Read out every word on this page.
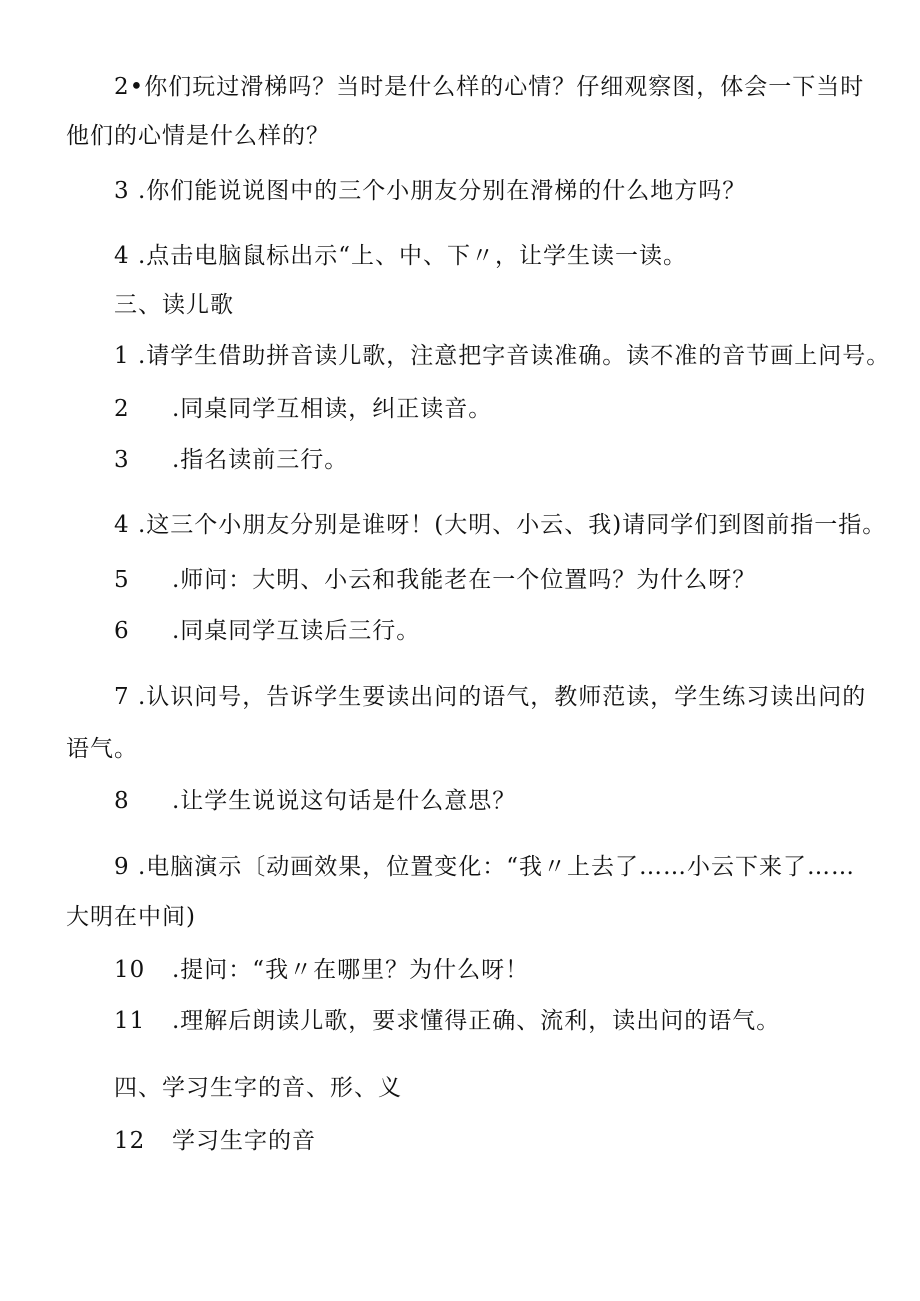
2•你们玩过滑梯吗？当时是什么样的心情？仔细观察图，体会一下当时
他们的心情是什么样的？
3 .你们能说说图中的三个小朋友分别在滑梯的什么地方吗？
4 .点击电脑鼠标出示“上、中、下〃，让学生读一读。
三、读儿歌
1 .请学生借助拼音读儿歌，注意把字音读准确。读不准的音节画上问号。
2 .同桌同学互相读，纠正读音。
3 .指名读前三行。
4 .这三个小朋友分别是谁呀！(大明、小云、我)请同学们到图前指一指。
5 .师问：大明、小云和我能老在一个位置吗？为什么呀？
6 .同桌同学互读后三行。
7 .认识问号，告诉学生要读出问的语气，教师范读，学生练习读出问的
语气。
8 .让学生说说这句话是什么意思？
9 .电脑演示〔动画效果，位置变化：“我〃上去了……小云下来了……
大明在中间)
10 .提问：“我〃在哪里？为什么呀！
11 .理解后朗读儿歌，要求懂得正确、流利，读出问的语气。
四、学习生字的音、形、义
12 学习生字的音
